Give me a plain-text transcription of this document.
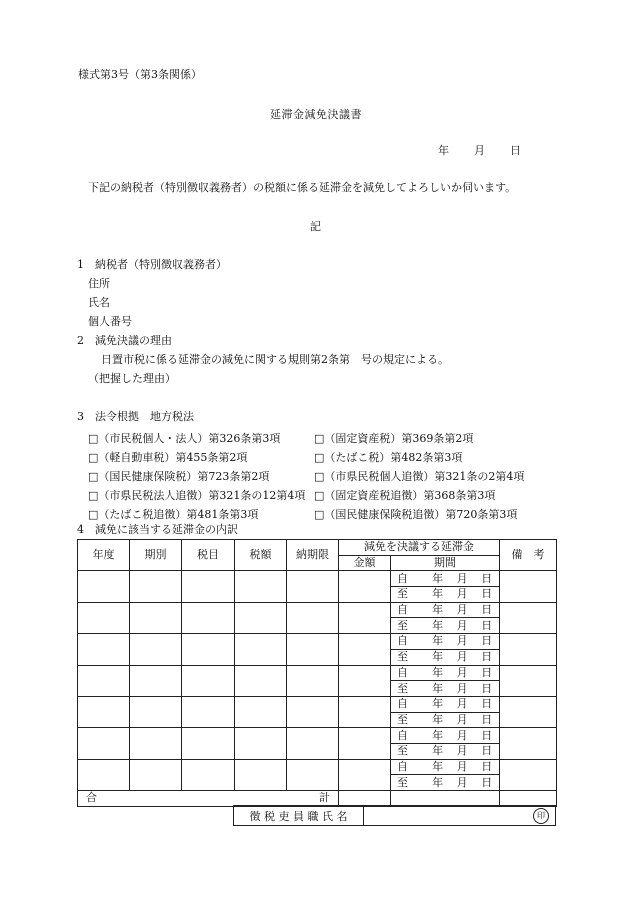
様式第3号（第3条関係）
延滞金減免決議書
年 月 日
下記の納税者（特別徴収義務者）の税額に係る延滞金を減免してよろしいか伺います。
記
1　納税者（特別徴収義務者）
住所
氏名
個人番号
2　減免決議の理由
日置市税に係る延滞金の減免に関する規則第2条第　号の規定による。
（把握した理由）
3　法令根拠　地方税法
□（市民税個人・法人）第326条第3項	□（固定資産税）第369条第2項
□（軽自動車税）第455条第2項	□（たばこ税）第482条第3項
□（国民健康保険税）第723条第2項	□（市県民税個人追徴）第321条の2第4項
□（市県民税法人追徴）第321条の12第4項 □（固定資産税追徴）第368条第3項
□（たばこ税追徴）第481条第3項	□（国民健康保険税追徴）第720条第3項
4　減免に該当する延滞金の内訳
年度	期別	税目	税額	納期限	減免を決議する延滞金		備　考
					金額	期間	

						自 年 月 日	

						至 年 月 日	

						自 年 月 日	

						至 年 月 日	

						自 年 月 日	

						至 年 月 日	

						自 年 月 日	

						至 年 月 日	

						自 年 月 日	

						至 年 月 日	

						自 年 月 日	

						至 年 月 日	

						自 年 月 日	

						至 年 月 日	

合 計							

徴 税 吏 員 職 氏 名	印
